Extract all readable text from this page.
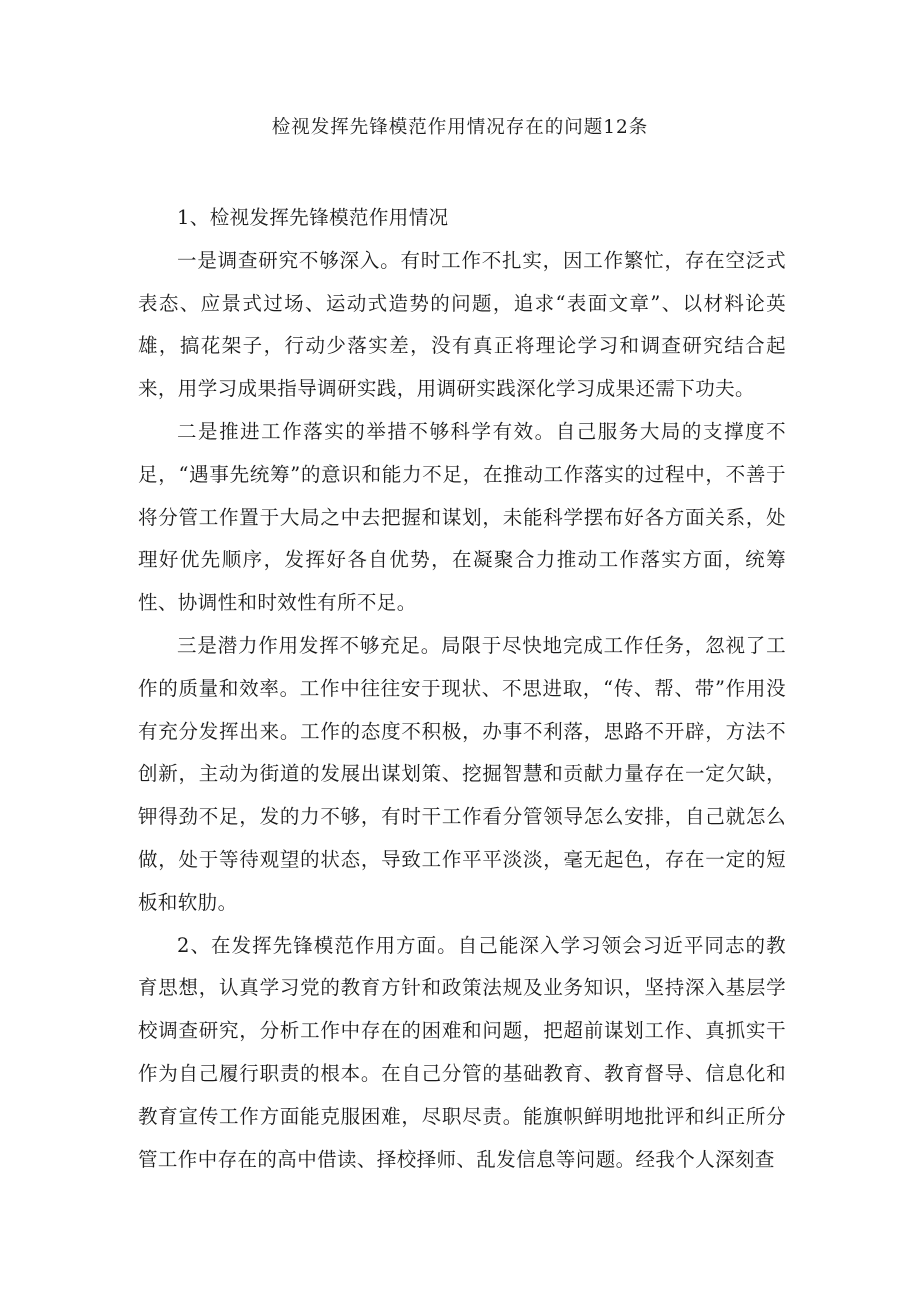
检视发挥先锋模范作用情况存在的问题12条

1、检视发挥先锋模范作用情况

一是调查研究不够深入。有时工作不扎实，因工作繁忙，存在空泛式表态、应景式过场、运动式造势的问题，追求“表面文章”、以材料论英雄，搞花架子，行动少落实差，没有真正将理论学习和调查研究结合起来，用学习成果指导调研实践，用调研实践深化学习成果还需下功夫。

二是推进工作落实的举措不够科学有效。自己服务大局的支撑度不足，“遇事先统筹”的意识和能力不足，在推动工作落实的过程中，不善于将分管工作置于大局之中去把握和谋划，未能科学摆布好各方面关系，处理好优先顺序，发挥好各自优势，在凝聚合力推动工作落实方面，统筹性、协调性和时效性有所不足。

三是潜力作用发挥不够充足。局限于尽快地完成工作任务，忽视了工作的质量和效率。工作中往往安于现状、不思进取，“传、帮、带”作用没有充分发挥出来。工作的态度不积极，办事不利落，思路不开辟，方法不创新，主动为街道的发展出谋划策、挖掘智慧和贡献力量存在一定欠缺，钾得劲不足，发的力不够，有时干工作看分管领导怎么安排，自己就怎么做，处于等待观望的状态，导致工作平平淡淡，毫无起色，存在一定的短板和软肋。

2、在发挥先锋模范作用方面。自己能深入学习领会习近平同志的教育思想，认真学习党的教育方针和政策法规及业务知识，坚持深入基层学校调查研究，分析工作中存在的困难和问题，把超前谋划工作、真抓实干作为自己履行职责的根本。在自己分管的基础教育、教育督导、信息化和教育宣传工作方面能克服困难，尽职尽责。能旗帜鲜明地批评和纠正所分管工作中存在的高中借读、择校择师、乱发信息等问题。经我个人深刻查
